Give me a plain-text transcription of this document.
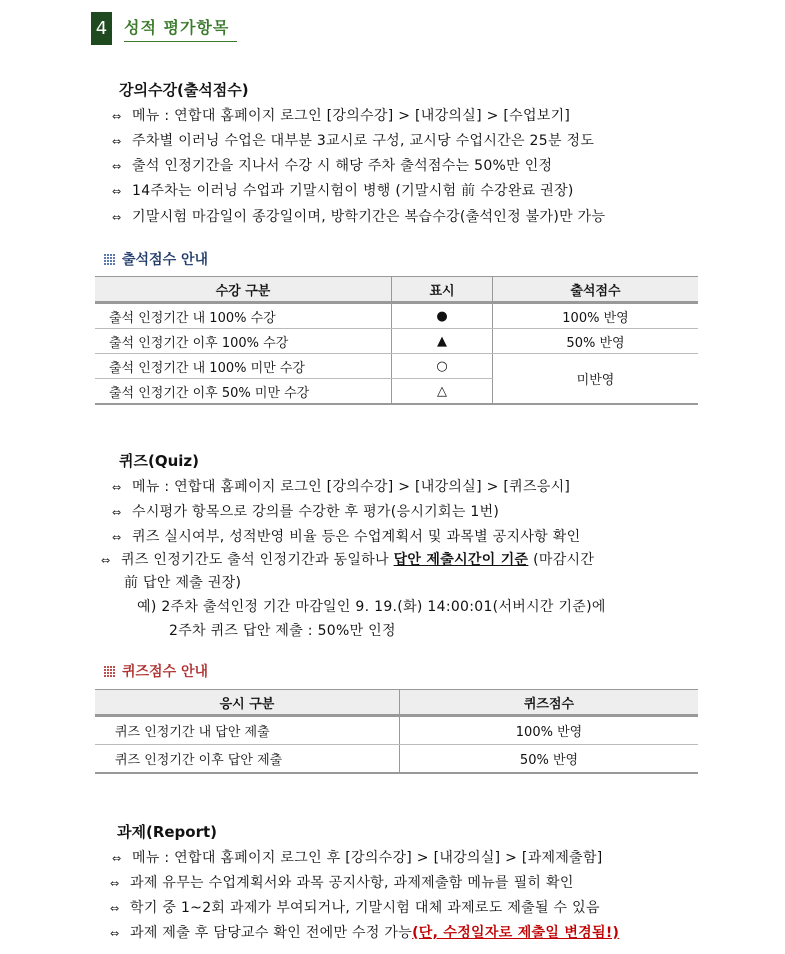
4 성적 평가항목
강의수강(출석점수)
⇔ 메뉴 : 연합대 홈페이지 로그인 [강의수강] > [내강의실] > [수업보기]
⇔ 주차별 이러닝 수업은 대부분 3교시로 구성, 교시당 수업시간은 25분 정도
⇔ 출석 인정기간을 지나서 수강 시 해당 주차 출석점수는 50%만 인정
⇔ 14주차는 이러닝 수업과 기말시험이 병행 (기말시험 前 수강완료 권장)
⇔ 기말시험 마감일이 종강일이며, 방학기간은 복습수강(출석인정 불가)만 가능
출석점수 안내
수강 구분	표시	출석점수
출석 인정기간 내 100% 수강	●	100% 반영
출석 인정기간 이후 100% 수강	▲	50% 반영
출석 인정기간 내 100% 미만 수강	○	미반영
출석 인정기간 이후 50% 미만 수강	△	
퀴즈(Quiz)
⇔ 메뉴 : 연합대 홈페이지 로그인 [강의수강] > [내강의실] > [퀴즈응시]
⇔ 수시평가 항목으로 강의를 수강한 후 평가(응시기회는 1번)
⇔ 퀴즈 실시여부, 성적반영 비율 등은 수업계획서 및 과목별 공지사항 확인
⇔ 퀴즈 인정기간도 출석 인정기간과 동일하나 답안 제출시간이 기준 (마감시간
前 답안 제출 권장)
예) 2주차 출석인정 기간 마감일인 9. 19.(화) 14:00:01(서버시간 기준)에
2주차 퀴즈 답안 제출 : 50%만 인정
퀴즈점수 안내
응시 구분	퀴즈점수
퀴즈 인정기간 내 답안 제출	100% 반영
퀴즈 인정기간 이후 답안 제출	50% 반영
과제(Report)
⇔ 메뉴 : 연합대 홈페이지 로그인 후 [강의수강] > [내강의실] > [과제제출함]
⇔ 과제 유무는 수업계획서와 과목 공지사항, 과제제출함 메뉴를 필히 확인
⇔ 학기 중 1~2회 과제가 부여되거나, 기말시험 대체 과제로도 제출될 수 있음
⇔ 과제 제출 후 담당교수 확인 전에만 수정 가능(단, 수정일자로 제출일 변경됨!)
